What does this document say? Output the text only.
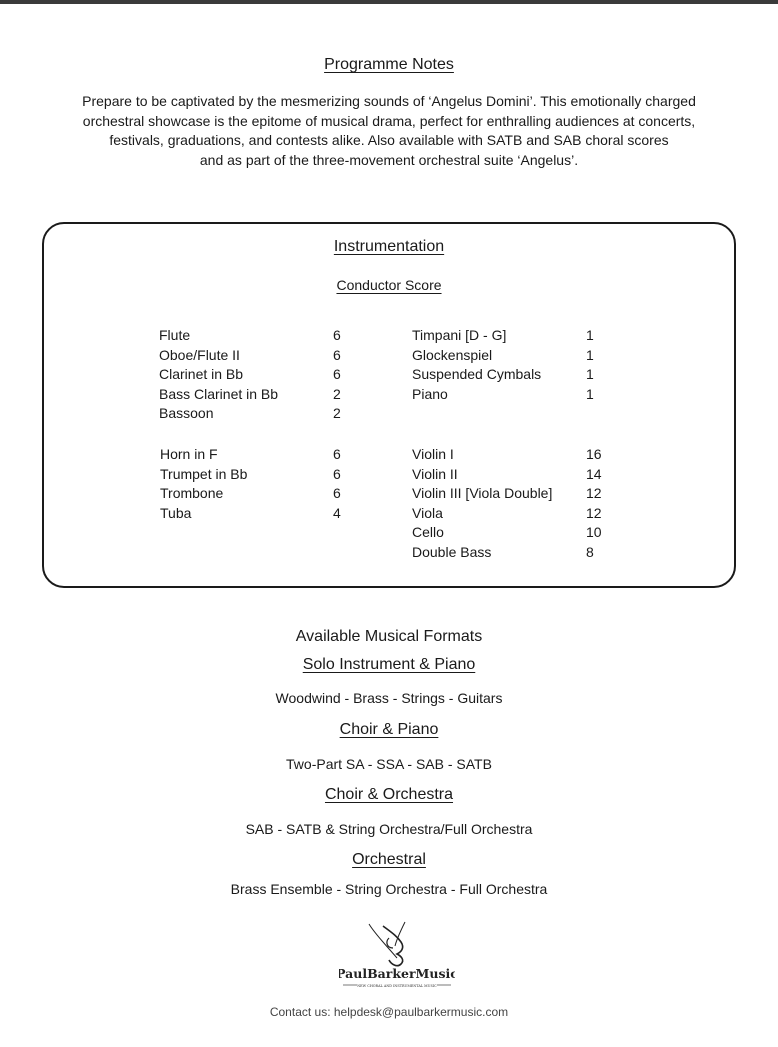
Programme Notes
Prepare to be captivated by the mesmerizing sounds of ‘Angelus Domini’. This emotionally charged
orchestral showcase is the epitome of musical drama, perfect for enthralling audiences at concerts,
festivals, graduations, and contests alike. Also available with SATB and SAB choral scores
and as part of the three-movement orchestral suite ‘Angelus’.
Instrumentation
Conductor Score
Flute	6

Oboe/Flute II	6

Clarinet in Bb	6

Bass Clarinet in Bb	2

Bassoon	2

Horn in F	6

Trumpet in Bb	6

Trombone	6

Tuba	4

Timpani [D - G]	1

Glockenspiel	1

Suspended Cymbals	1

Piano	1

Violin I	16

Violin II	14

Violin III [Viola Double] 12

Viola	12

Cello	10

Double Bass	8

Available Musical Formats
Solo Instrument & Piano
Woodwind - Brass - Strings - Guitars
Choir & Piano
Two-Part SA - SSA - SAB - SATB
Choir & Orchestra
SAB - SATB & String Orchestra/Full Orchestra
Orchestral
Brass Ensemble - String Orchestra - Full Orchestra
PaulBarkerMusic
NEW CHORAL AND INSTRUMENTAL MUSIC
Contact us: helpdesk@paulbarkermusic.com
